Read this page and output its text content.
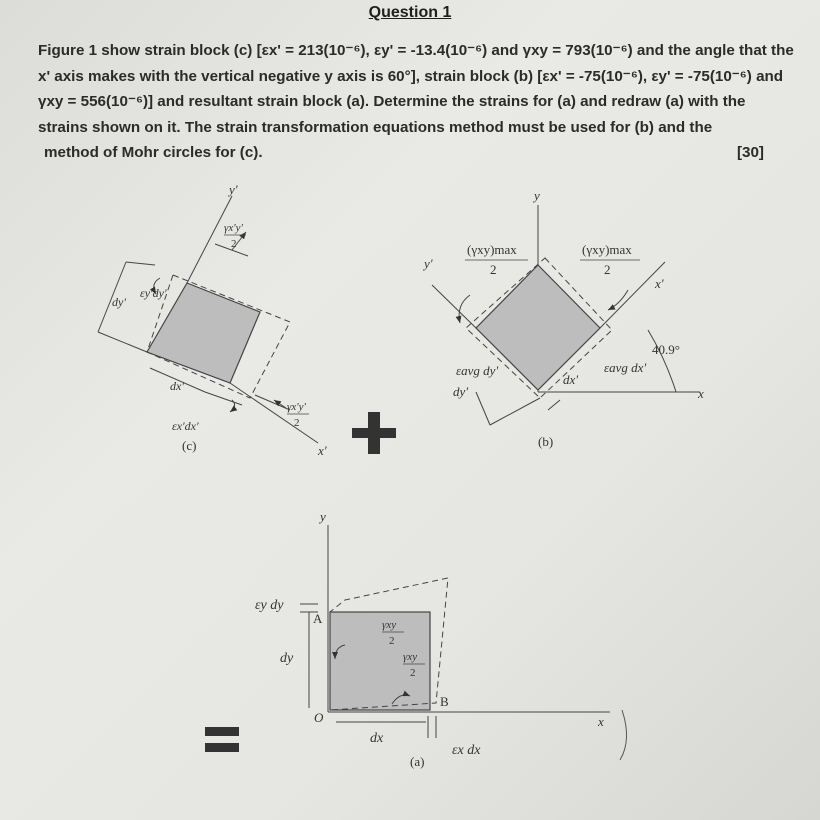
Question 1
Figure 1 show strain block (c) [εx' = 213(10⁻⁶), εy' = -13.4(10⁻⁶) and γxy = 793(10⁻⁶) and the angle that the
x' axis makes with the vertical negative y axis is 60°], strain block (b) [εx' = -75(10⁻⁶), εy' = -75(10⁻⁶) and
γxy = 556(10⁻⁶)] and resultant strain block (a). Determine the strains for (a) and redraw (a) with the
strains shown on it. The strain transformation equations method must be used for (b) and the
method of Mohr circles for (c).	[30]
y'
γx'y'
2
dy'
εy'dy'
dx'
εx'dx'
γx'y'
2
x'
(c)
y
y'
(γxy)max
2
(γxy)max
2
x'
εavg dy'
dy'
dx'
εavg dx'
40.9°
x
(b)
y
εy dy
A
dy
γxy
2
γxy
2
B
O	x
dx
εx dx
(a)
